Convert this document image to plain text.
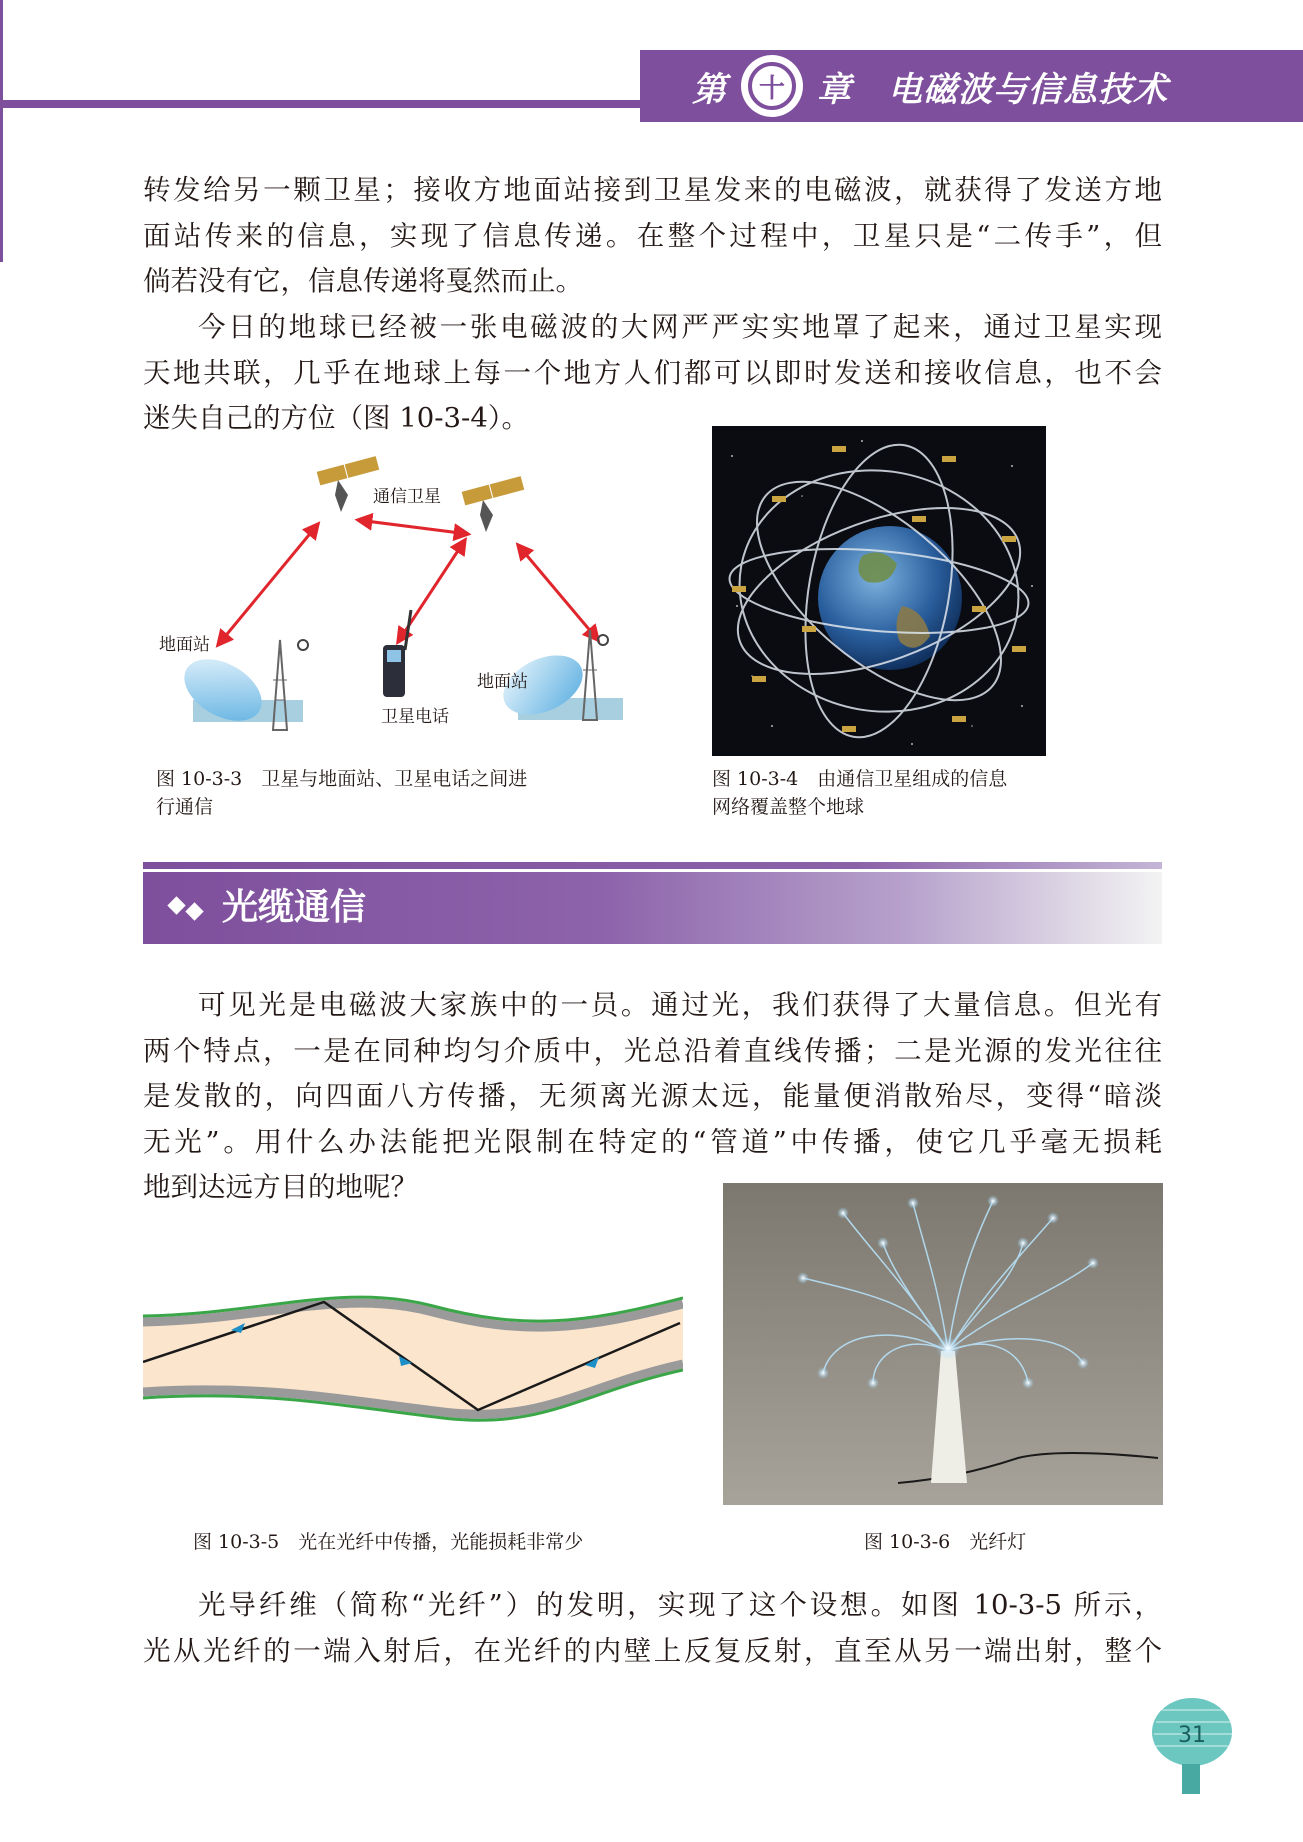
第	十 章 电磁波与信息技术

转发给另一颗卫星；接收方地面站接到卫星发来的电磁波，就获得了发送方地
面站传来的信息，实现了信息传递。在整个过程中，卫星只是“二传手”，但
倘若没有它，信息传递将戛然而止。

今日的地球已经被一张电磁波的大网严严实实地罩了起来，通过卫星实现
天地共联，几乎在地球上每一个地方人们都可以即时发送和接收信息，也不会
迷失自己的方位（图 10-3-4）。

通信卫星
地面站
地面站
卫星电话
图 10-3-3　卫星与地面站、卫星电话之间进
行通信
图 10-3-4　由通信卫星组成的信息
网络覆盖整个地球
光缆通信

可见光是电磁波大家族中的一员。通过光，我们获得了大量信息。但光有
两个特点，一是在同种均匀介质中，光总沿着直线传播；二是光源的发光往往
是发散的，向四面八方传播，无须离光源太远，能量便消散殆尽，变得“暗淡
无光”。用什么办法能把光限制在特定的“管道”中传播，使它几乎毫无损耗
地到达远方目的地呢？

图 10-3-5　光在光纤中传播，光能损耗非常少	图 10-3-6　光纤灯

光导纤维（简称“光纤”）的发明，实现了这个设想。如图 10-3-5 所示，
光从光纤的一端入射后，在光纤的内壁上反复反射，直至从另一端出射，整个

31
